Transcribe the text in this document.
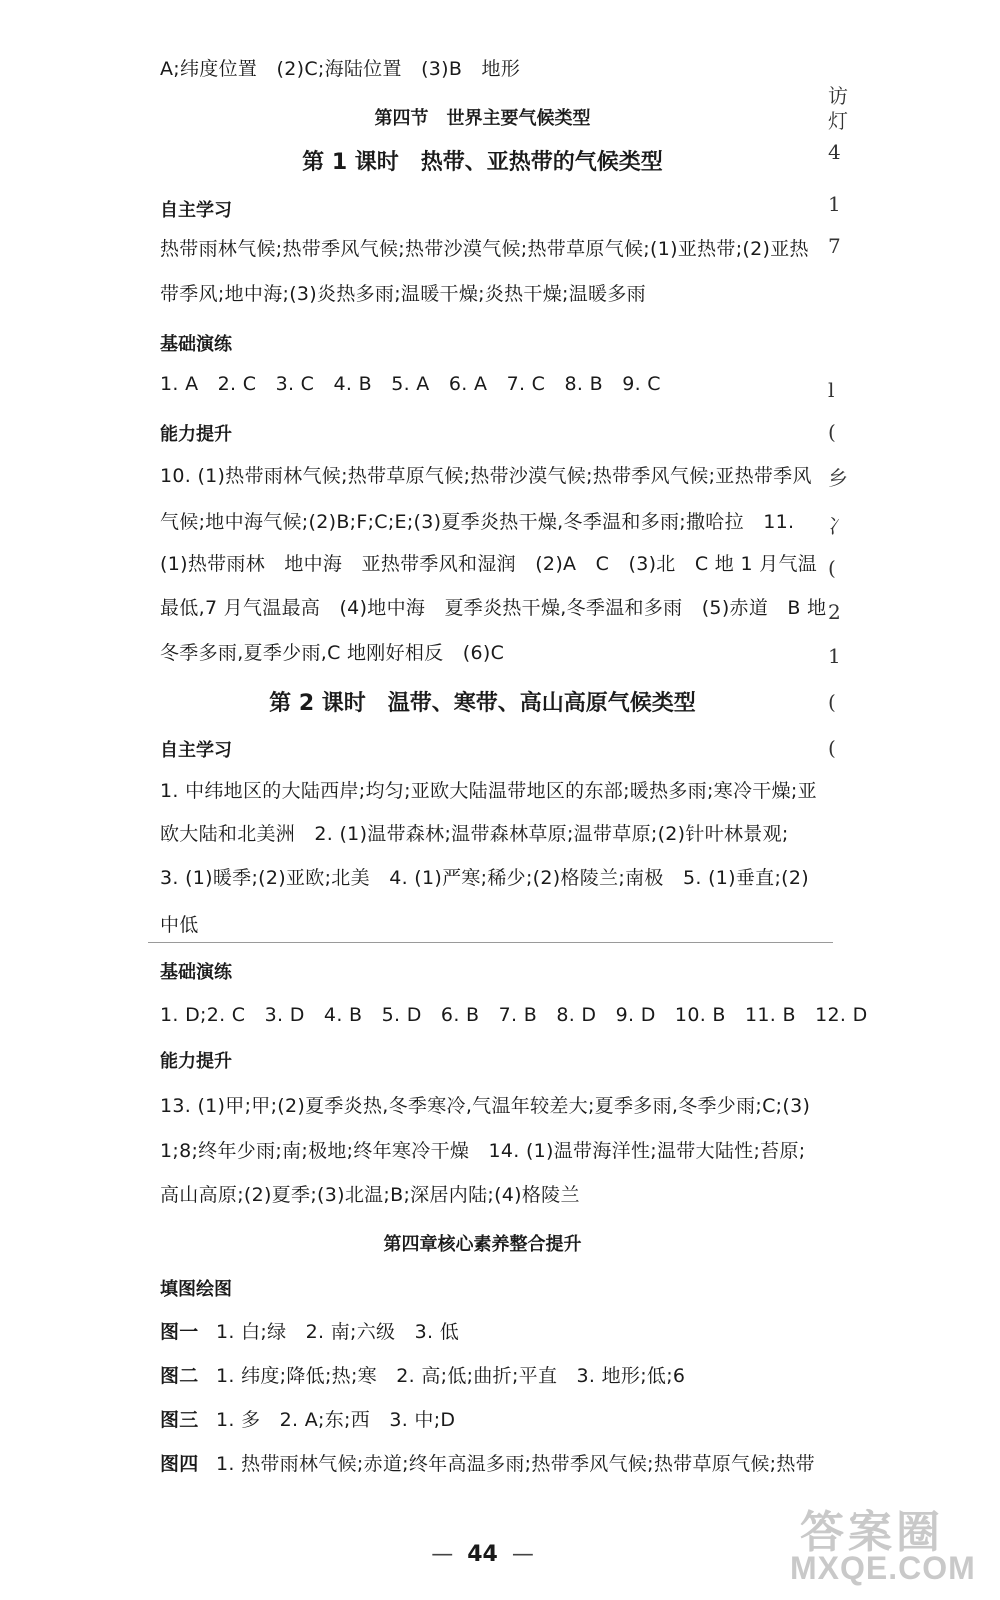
A;纬度位置　(2)C;海陆位置　(3)B　地形
第四节　世界主要气候类型
第 1 课时　热带、亚热带的气候类型
自主学习
热带雨林气候;热带季风气候;热带沙漠气候;热带草原气候;(1)亚热带;(2)亚热
带季风;地中海;(3)炎热多雨;温暖干燥;炎热干燥;温暖多雨
基础演练
1. A　2. C　3. C　4. B　5. A　6. A　7. C　8. B　9. C
能力提升
10. (1)热带雨林气候;热带草原气候;热带沙漠气候;热带季风气候;亚热带季风
气候;地中海气候;(2)B;F;C;E;(3)夏季炎热干燥,冬季温和多雨;撒哈拉　11.
(1)热带雨林　地中海　亚热带季风和湿润　(2)A　C　(3)北　C 地 1 月气温
最低,7 月气温最高　(4)地中海　夏季炎热干燥,冬季温和多雨　(5)赤道　B 地
冬季多雨,夏季少雨,C 地刚好相反　(6)C
第 2 课时　温带、寒带、高山高原气候类型
自主学习
1. 中纬地区的大陆西岸;均匀;亚欧大陆温带地区的东部;暖热多雨;寒冷干燥;亚
欧大陆和北美洲　2. (1)温带森林;温带森林草原;温带草原;(2)针叶林景观;
3. (1)暖季;(2)亚欧;北美　4. (1)严寒;稀少;(2)格陵兰;南极　5. (1)垂直;(2)
中低
基础演练
1. D;2. C　3. D　4. B　5. D　6. B　7. B　8. D　9. D　10. B　11. B　12. D
能力提升
13. (1)甲;甲;(2)夏季炎热,冬季寒冷,气温年较差大;夏季多雨,冬季少雨;C;(3)
1;8;终年少雨;南;极地;终年寒冷干燥　14. (1)温带海洋性;温带大陆性;苔原;
高山高原;(2)夏季;(3)北温;B;深居内陆;(4)格陵兰
第四章核心素养整合提升
填图绘图
图一 1. 白;绿　2. 南;六级　3. 低
图二 1. 纬度;降低;热;寒　2. 高;低;曲折;平直　3. 地形;低;6
图三 1. 多　2. A;东;西　3. 中;D
图四 1. 热带雨林气候;赤道;终年高温多雨;热带季风气候;热带草原气候;热带
— 44 —
访
灯
4
1
7
l
(
乡
冫
(
2
1
(
(
答案圈
MXQE.COM
